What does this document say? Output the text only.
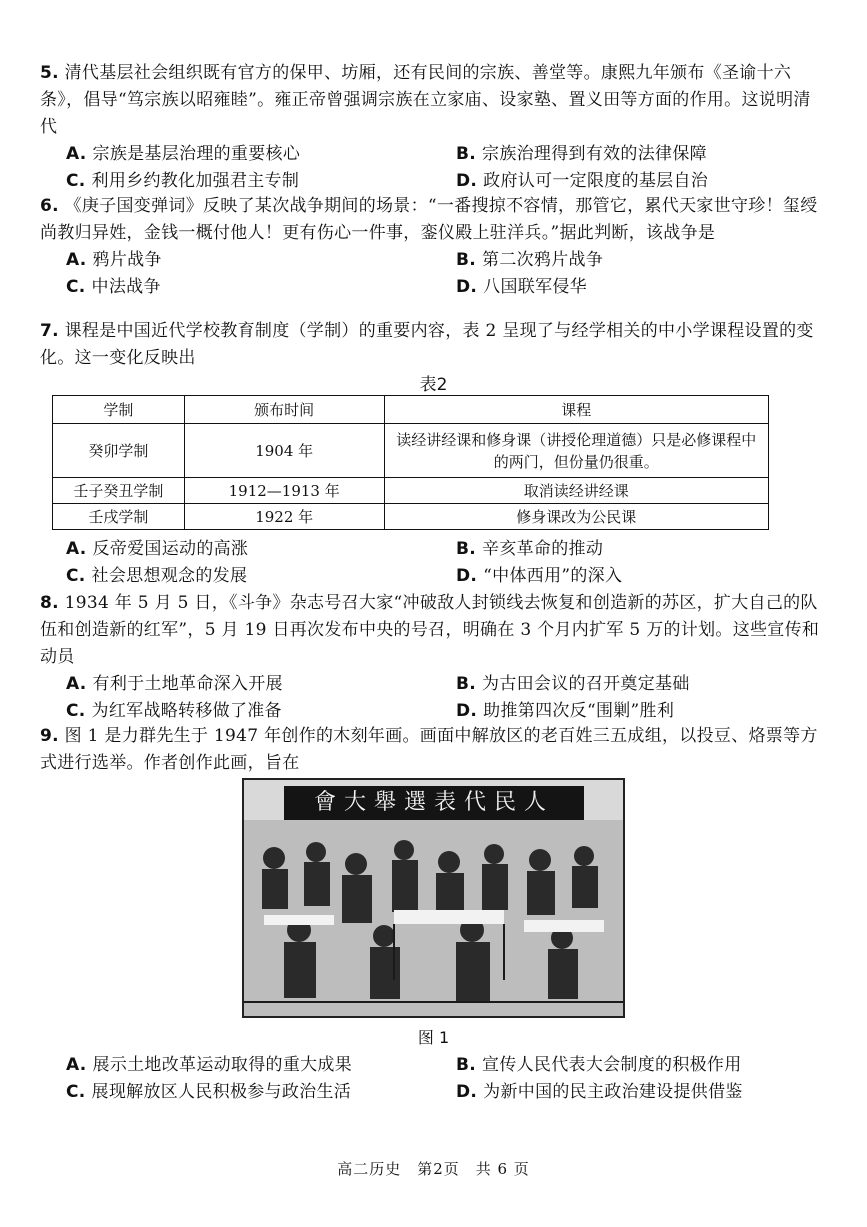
5. 清代基层社会组织既有官方的保甲、坊厢，还有民间的宗族、善堂等。康熙九年颁布《圣谕十六条》，倡导“笃宗族以昭雍睦”。雍正帝曾强调宗族在立家庙、设家塾、置义田等方面的作用。这说明清代
A. 宗族是基层治理的重要核心	B. 宗族治理得到有效的法律保障
C. 利用乡约教化加强君主专制	D. 政府认可一定限度的基层自治
6. 《庚子国变弹词》反映了某次战争期间的场景：“一番搜掠不容情，那管它，累代天家世守珍！玺绶尚教归异姓，金钱一概付他人！更有伤心一件事，銮仪殿上驻洋兵。”据此判断，该战争是
A. 鸦片战争	B. 第二次鸦片战争
C. 中法战争	D. 八国联军侵华
7. 课程是中国近代学校教育制度（学制）的重要内容，表 2 呈现了与经学相关的中小学课程设置的变化。这一变化反映出
表2
学制	颁布时间	课程
癸卯学制	1904 年	读经讲经课和修身课（讲授伦理道德）只是必修课程中的两门，但份量仍很重。
壬子癸丑学制	1912—1913 年	取消读经讲经课
壬戌学制	1922 年	修身课改为公民课
A. 反帝爱国运动的高涨	B. 辛亥革命的推动
C. 社会思想观念的发展	D. “中体西用”的深入
8. 1934 年 5 月 5 日，《斗争》杂志号召大家“冲破敌人封锁线去恢复和创造新的苏区，扩大自己的队伍和创造新的红军”，5 月 19 日再次发布中央的号召，明确在 3 个月内扩军 5 万的计划。这些宣传和动员
A. 有利于土地革命深入开展	B. 为古田会议的召开奠定基础
C. 为红军战略转移做了准备	D. 助推第四次反“围剿”胜利
9. 图 1 是力群先生于 1947 年创作的木刻年画。画面中解放区的老百姓三五成组，以投豆、烙票等方式进行选举。作者创作此画，旨在
會大舉選表代民人
图 1
A. 展示土地改革运动取得的重大成果	B. 宣传人民代表大会制度的积极作用
C. 展现解放区人民积极参与政治生活	D. 为新中国的民主政治建设提供借鉴
高二历史　第2页　共 6 页
